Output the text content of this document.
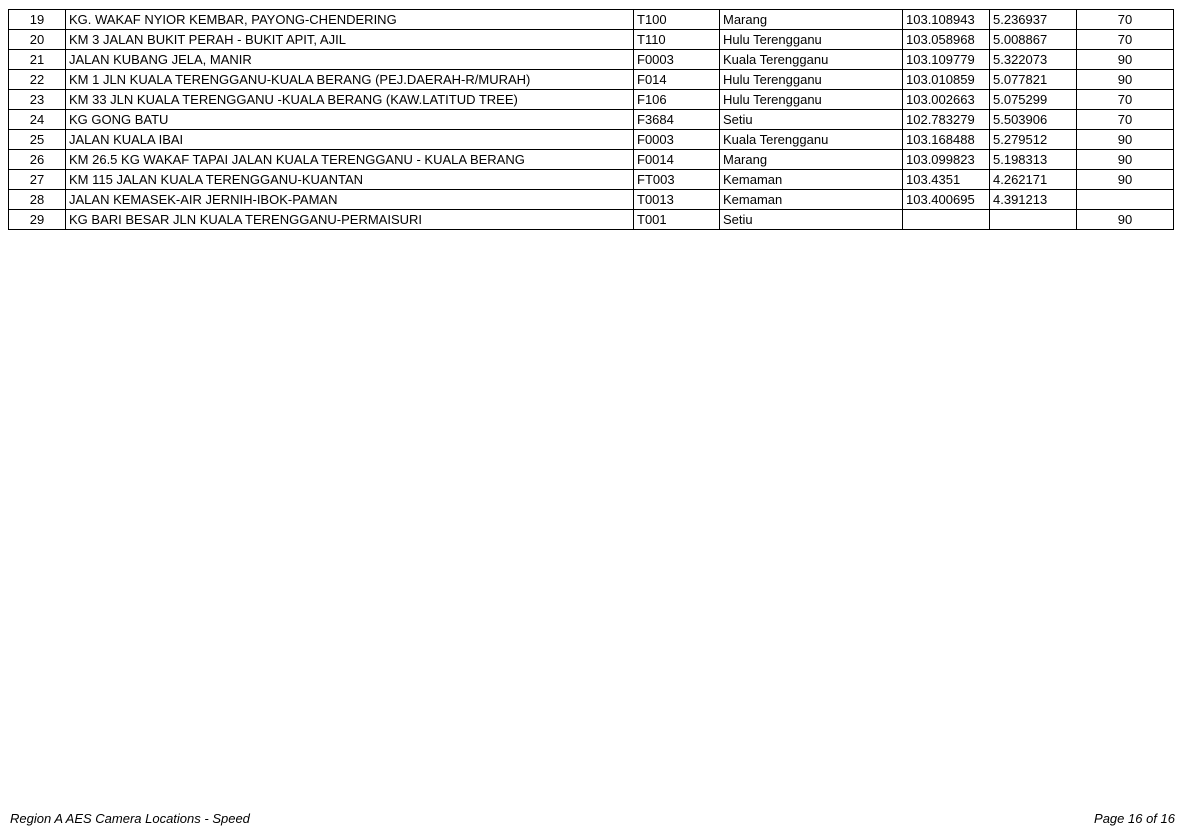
19	KG. WAKAF NYIOR KEMBAR, PAYONG-CHENDERING	T100	Marang	103.108943	5.236937	70
20	KM 3 JALAN BUKIT PERAH - BUKIT APIT, AJIL	T110	Hulu Terengganu	103.058968	5.008867	70
21	JALAN KUBANG JELA, MANIR	F0003	Kuala Terengganu	103.109779	5.322073	90
22	KM 1 JLN KUALA TERENGGANU-KUALA BERANG (PEJ.DAERAH-R/MURAH)	F014	Hulu Terengganu	103.010859	5.077821	90
23	KM 33 JLN KUALA TERENGGANU -KUALA BERANG (KAW.LATITUD TREE)	F106	Hulu Terengganu	103.002663	5.075299	70
24	KG GONG BATU	F3684	Setiu	102.783279	5.503906	70
25	JALAN KUALA IBAI	F0003	Kuala Terengganu	103.168488	5.279512	90
26	KM 26.5 KG WAKAF TAPAI JALAN KUALA TERENGGANU - KUALA BERANG	F0014	Marang	103.099823	5.198313	90
27	KM 115 JALAN KUALA TERENGGANU-KUANTAN	FT003	Kemaman	103.4351	4.262171	90
28	JALAN KEMASEK-AIR JERNIH-IBOK-PAMAN	T0013	Kemaman	103.400695	4.391213	
29	KG BARI BESAR JLN KUALA TERENGGANU-PERMAISURI	T001	Setiu			90
Region A AES Camera Locations - Speed	Page 16 of 16
